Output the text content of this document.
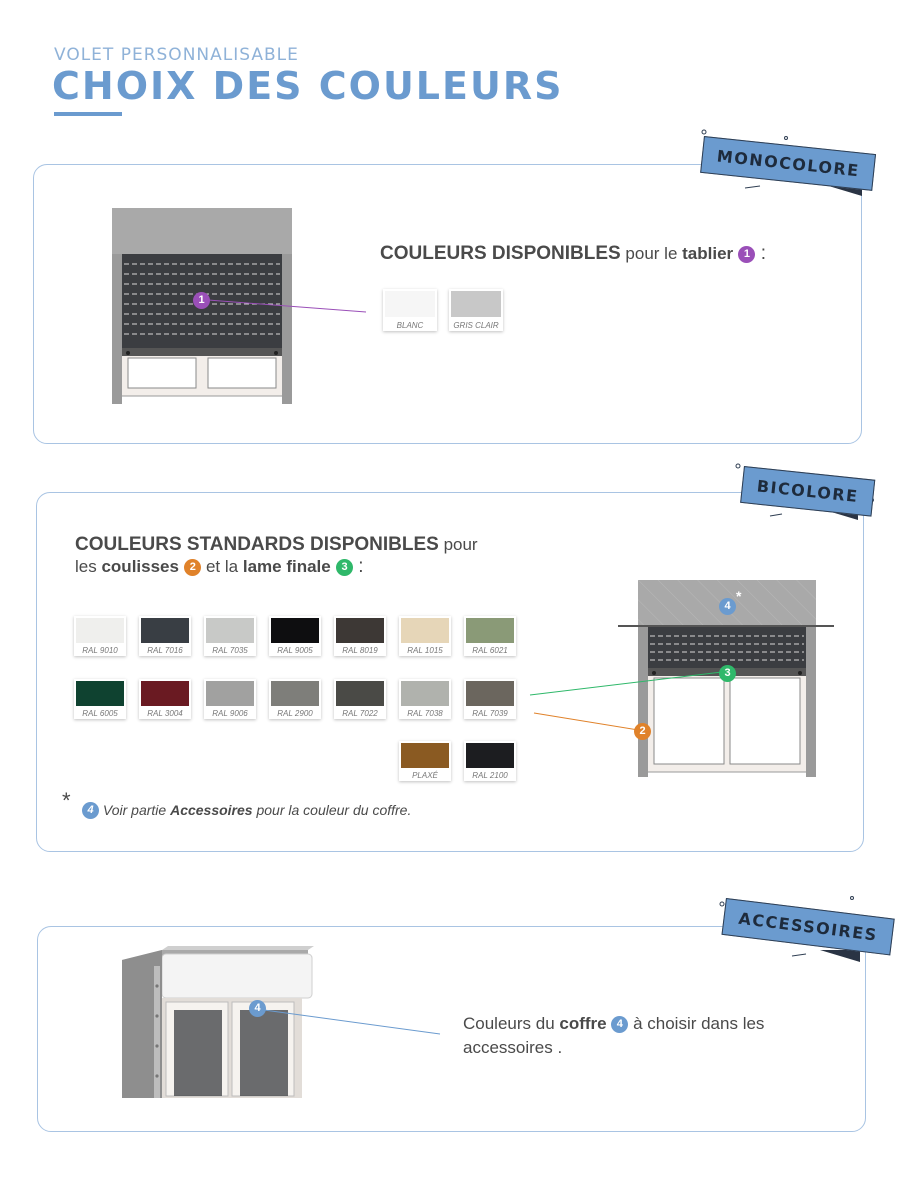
VOLET PERSONNALISABLE
CHOIX DES COULEURS
MONOCOLORE
1
COULEURS DISPONIBLES pour le tablier 1 :
BLANC	GRIS CLAIR
BICOLORE
COULEURS STANDARDS DISPONIBLES pour
les coulisses 2 et la lame finale 3 :
RAL 9010	RAL 7016	RAL 7035	RAL 9005	RAL 8019	RAL 1015	RAL 6021
RAL 6005	RAL 3004	RAL 9006	RAL 2900	RAL 7022	RAL 7038	RAL 7039
PLAXÉ	RAL 2100
4
*
3
2
*	4 Voir partie Accessoires pour la couleur du coffre.
ACCESSOIRES
4
Couleurs du coffre 4 à choisir dans les accessoires .
